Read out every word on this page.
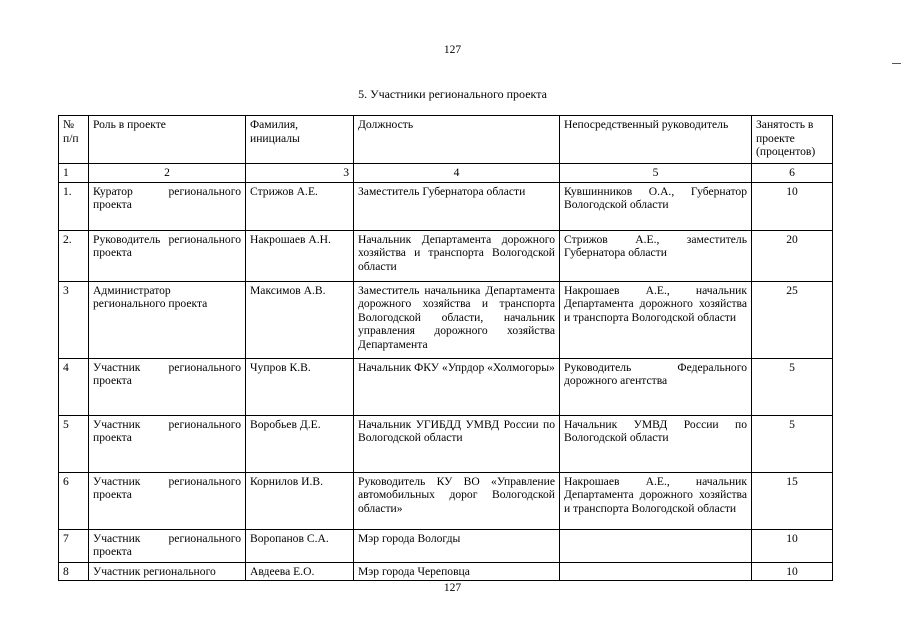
127
5. Участники регионального проекта
№ п/п	Роль в проекте	Фамилия, инициалы	Должность	Непосредственный руководитель	Занятость в проекте (процентов)
1	2	3	4	5	6
1.	Куратор регионального проекта	Стрижов А.Е.	Заместитель Губернатора области	Кувшинников О.А., Губернатор Вологодской области	10
2.	Руководитель регионального проекта	Накрошаев А.Н.	Начальник Департамента дорожного хозяйства и транспорта Вологодской области	Стрижов А.Е., заместитель Губернатора области	20
3	Администратор регионального проекта	Максимов А.В.	Заместитель начальника Департамента дорожного хозяйства и транспорта Вологодской области, начальник управления дорожного хозяйства Департамента	Накрошаев А.Е., начальник Департамента дорожного хозяйства и транспорта Вологодской области	25
4	Участник регионального проекта	Чупров К.В.	Начальник ФКУ «Упрдор «Холмогоры»	Руководитель Федерального дорожного агентства	5
5	Участник регионального проекта	Воробьев Д.Е.	Начальник УГИБДД УМВД России по Вологодской области	Начальник УМВД России по Вологодской области	5
6	Участник регионального проекта	Корнилов И.В.	Руководитель КУ ВО «Управление автомобильных дорог Вологодской области»	Накрошаев А.Е., начальник Департамента дорожного хозяйства и транспорта Вологодской области	15
7	Участник регионального проекта	Воропанов С.А.	Мэр города Вологды		10
8	Участник регионального	Авдеева Е.О.	Мэр города Череповца		10
127
